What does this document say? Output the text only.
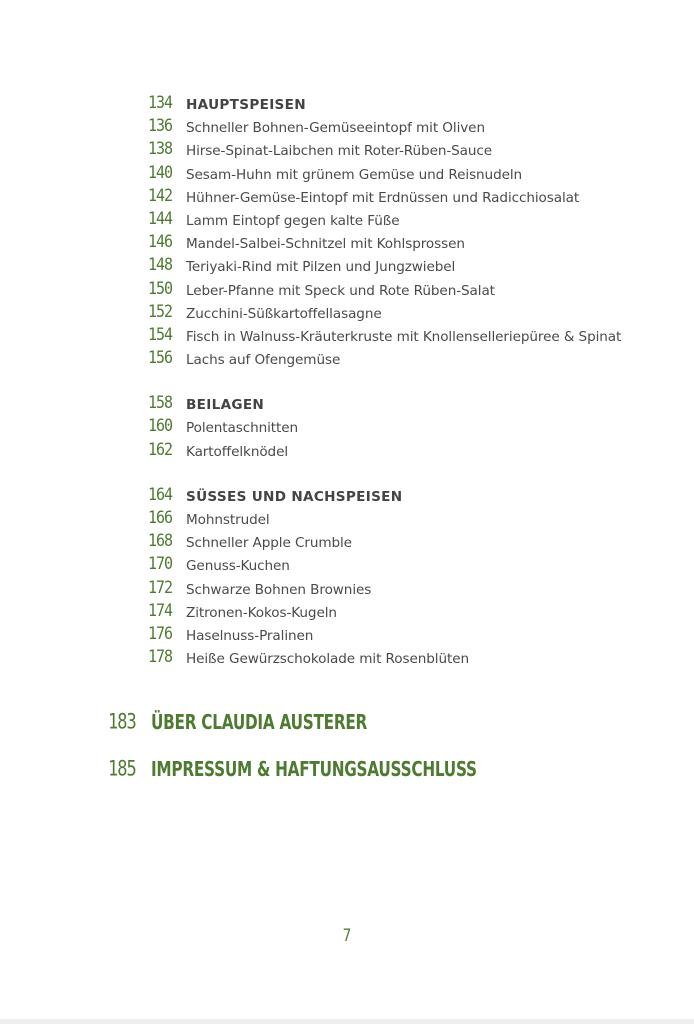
134	HAUPTSPEISEN
136	Schneller Bohnen-Gemüseeintopf mit Oliven
138	Hirse-Spinat-Laibchen mit Roter-Rüben-Sauce
140	Sesam-Huhn mit grünem Gemüse und Reisnudeln
142	Hühner-Gemüse-Eintopf mit Erdnüssen und Radicchiosalat
144	Lamm Eintopf gegen kalte Füße
146	Mandel-Salbei-Schnitzel mit Kohlsprossen
148	Teriyaki-Rind mit Pilzen und Jungzwiebel
150	Leber-Pfanne mit Speck und Rote Rüben-Salat
152	Zucchini-Süßkartoffellasagne
154	Fisch in Walnuss-Kräuterkruste mit Knollenselleriepüree & Spinat
156	Lachs auf Ofengemüse
158	BEILAGEN
160	Polentaschnitten
162	Kartoffelknödel
164	SÜSSES UND NACHSPEISEN
166	Mohnstrudel
168	Schneller Apple Crumble
170	Genuss-Kuchen
172	Schwarze Bohnen Brownies
174	Zitronen-Kokos-Kugeln
176	Haselnuss-Pralinen
178	Heiße Gewürzschokolade mit Rosenblüten
183 ÜBER CLAUDIA AUSTERER
185 IMPRESSUM & HAFTUNGSAUSSCHLUSS
7
